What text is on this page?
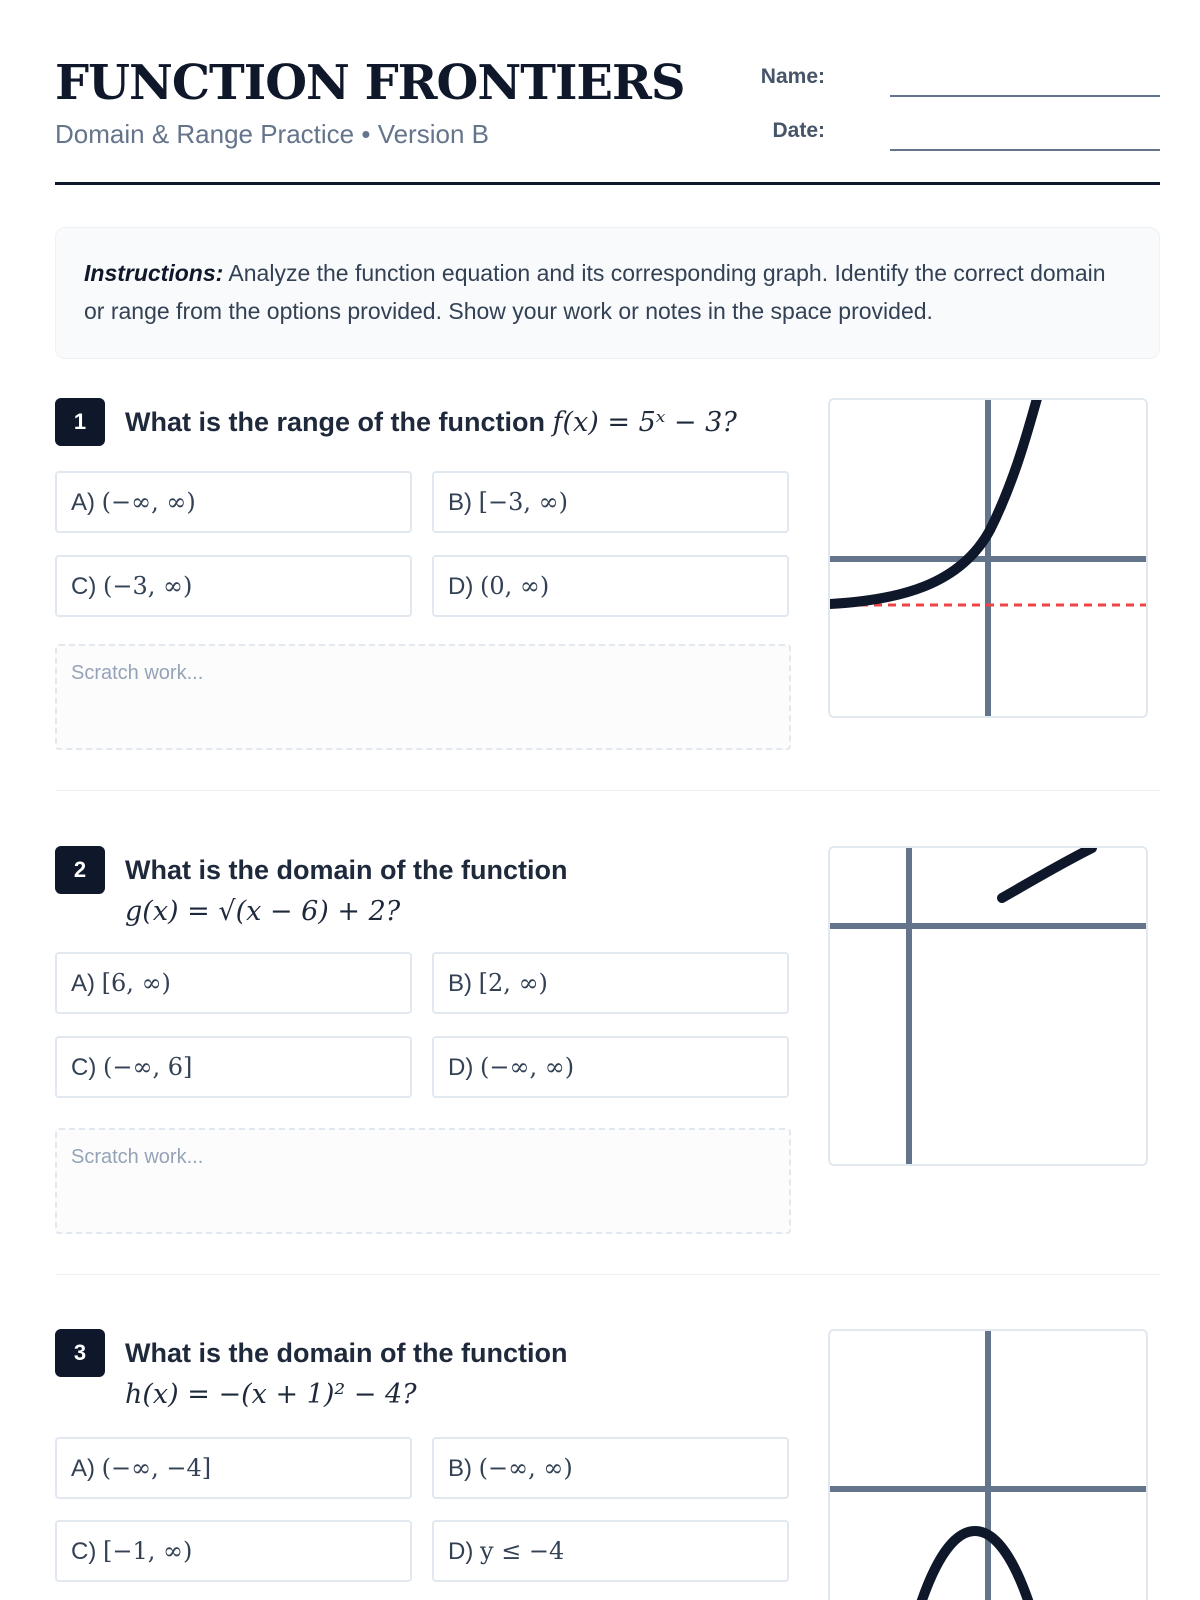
FUNCTION FRONTIERS
Domain & Range Practice • Version B
Name:
Date:
Instructions: Analyze the function equation and its corresponding graph. Identify the correct domain or range from the options provided. Show your work or notes in the space provided.
1	What is the range of the function f(x) = 5ˣ − 3?
A) (−∞, ∞)	B) [−3, ∞)
C) (−3, ∞)	D) (0, ∞)
Scratch work...
2	What is the domain of the function
g(x) = √(x − 6) + 2?
A) [6, ∞)	B) [2, ∞)
C) (−∞, 6]	D) (−∞, ∞)
Scratch work...
3	What is the domain of the function
h(x) = −(x + 1)² − 4?
A) (−∞, −4]	B) (−∞, ∞)
C) [−1, ∞)	D) y ≤ −4
